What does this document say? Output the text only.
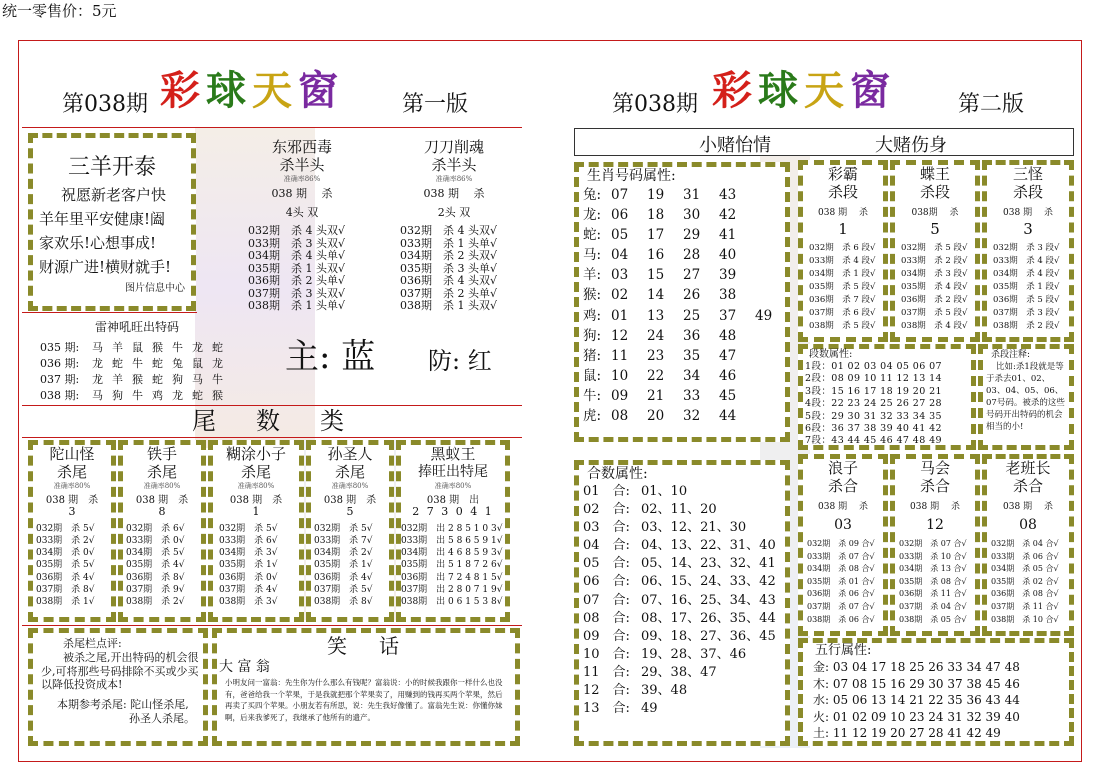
统一零售价：5元
第038期 彩球天窗	第一版	第038期 彩球天窗	第二版
三羊开泰
祝愿新老客户快
羊年里平安健康!阖
家欢乐!心想事成!
财源广进!横财就手!
图片信息中心
东邪西毒
杀半头
准确率86%
038 期　 杀
4头 双
032期　杀 4 头双√
033期　杀 3 头双√
034期　杀 4 头单√
035期　杀 1 头双√
036期　杀 2 头单√
037期　杀 3 头双√
038期　杀 1 头单√
刀刀削魂
杀半头
准确率86%
038 期　 杀
2头 双
032期　杀 4 头双√
033期　杀 1 头单√
034期　杀 2 头双√
035期　杀 3 头单√
036期　杀 4 头双√
037期　杀 2 头单√
038期　杀 1 头双√
雷神吼旺出特码
035 期: 马 羊 鼠 猴 牛 龙 蛇
036 期: 龙 蛇 牛 蛇 兔 鼠 龙
037 期: 龙 羊 猴 蛇 狗 马 牛
038 期: 马 狗 牛 鸡 龙 蛇 猴
主: 蓝 防: 红
尾　数　类
陀山怪
杀尾
准确率80%
038 期　杀
3
032期　杀 5√
033期　杀 2√
034期　杀 0√
035期　杀 5√
036期　杀 4√
037期　杀 8√
038期　杀 1√
铁手
杀尾
准确率80%
038 期　杀
8
032期　杀 6√
033期　杀 0√
034期　杀 5√
035期　杀 4√
036期　杀 8√
037期　杀 9√
038期　杀 2√
糊涂小子
杀尾
准确率80%
038 期　杀
1
032期　杀 5√
033期　杀 6√
034期　杀 3√
035期　杀 1√
036期　杀 0√
037期　杀 4√
038期　杀 3√
孙圣人
杀尾
准确率80%
038 期　杀
5
032期　杀 5√
033期　杀 7√
034期　杀 2√
035期　杀 1√
036期　杀 4√
037期　杀 5√
038期　杀 8√
黑蚁王
捧旺出特尾
准确率80%
038 期　出
2 7 3 0 4 1
032期　出 2 8 5 1 0 3√
033期　出 5 8 6 5 9 1√
034期　出 4 6 8 5 9 3√
035期　出 5 1 8 7 2 6√
036期　出 7 2 4 8 1 5√
037期　出 2 8 0 7 1 9√
038期　出 0 6 1 5 3 8√
杀尾栏点评:
被杀之尾,开出特码的机会很少,可将那些号码排除不买或少买以降低投资成本!
本期参考杀尾: 陀山怪杀尾,
孙圣人杀尾。
笑　话
大 富 翁
小明友问一富翁：先生你为什么那么有钱呢？富翁说：小的时候我跟你一样什么也没有，爸爸给我一个苹果，于是我就把那个苹果卖了，用赚到的钱再买两个苹果，然后再卖了买四个苹果。小朋友若有所思，说：先生我好像懂了。富翁先生说：你懂你妹啊，后来我爹死了，我继承了他所有的遗产。
小赌怡情	大赌伤身
生肖号码属性:
兔: 07 19 31 43
龙: 06 18 30 42
蛇: 05 17 29 41
马: 04 16 28 40
羊: 03 15 27 39
猴: 02 14 26 38
鸡: 01 13 25 37 49
狗: 12 24 36 48
猪: 11 23 35 47
鼠: 10 22 34 46
牛: 09 21 33 45
虎: 08 20 32 44
彩霸
杀段
038 期　 杀
1
032期　杀 6 段√
033期　杀 4 段√
034期　杀 1 段√
035期　杀 5 段√
036期　杀 7 段√
037期　杀 6 段√
038期　杀 5 段√
蝶王
杀段
038期　 杀
5
032期　杀 5 段√
033期　杀 2 段√
034期　杀 3 段√
035期　杀 4 段√
036期　杀 2 段√
037期　杀 5 段√
038期　杀 4 段√
三怪
杀段
038 期　 杀
3
032期　杀 3 段√
033期　杀 4 段√
034期　杀 4 段√
035期　杀 1 段√
036期　杀 5 段√
037期　杀 3 段√
038期　杀 2 段√
段数属性:
1段：01 02 03 04 05 06 07
2段：08 09 10 11 12 13 14
3段：15 16 17 18 19 20 21
4段：22 23 24 25 26 27 28
5段：29 30 31 32 33 34 35
6段：36 37 38 39 40 41 42
7段：43 44 45 46 47 48 49
杀段注释:
比如:杀1段就是等于杀去01、02、03、04、05、06、07号码。被杀的这些号码开出特码的机会相当的小!
合数属性:
01　合: 01、10
02　合: 02、11、20
03　合: 03、12、21、30
04　合: 04、13、22、31、40
05　合: 05、14、23、32、41
06　合: 06、15、24、33、42
07　合: 07、16、25、34、43
08　合: 08、17、26、35、44
09　合: 09、18、27、36、45
10　合: 19、28、37、46
11　合: 29、38、47
12　合: 39、48
13　合: 49
浪子
杀合
038 期　 杀
03
032期　杀 09 合√
033期　杀 07 合√
034期　杀 08 合√
035期　杀 01 合√
036期　杀 06 合√
037期　杀 07 合√
038期　杀 06 合√
马会
杀合
038 期　 杀
12
032期　杀 07 合√
033期　杀 10 合√
034期　杀 13 合√
035期　杀 08 合√
036期　杀 11 合√
037期　杀 04 合√
038期　杀 05 合√
老班长
杀合
038 期　 杀
08
032期　杀 04 合√
033期　杀 06 合√
034期　杀 05 合√
035期　杀 02 合√
036期　杀 08 合√
037期　杀 11 合√
038期　杀 10 合√
五行属性:
金: 03 04 17 18 25 26 33 34 47 48
木: 07 08 15 16 29 30 37 38 45 46
水: 05 06 13 14 21 22 35 36 43 44
火: 01 02 09 10 23 24 31 32 39 40
土: 11 12 19 20 27 28 41 42 49
